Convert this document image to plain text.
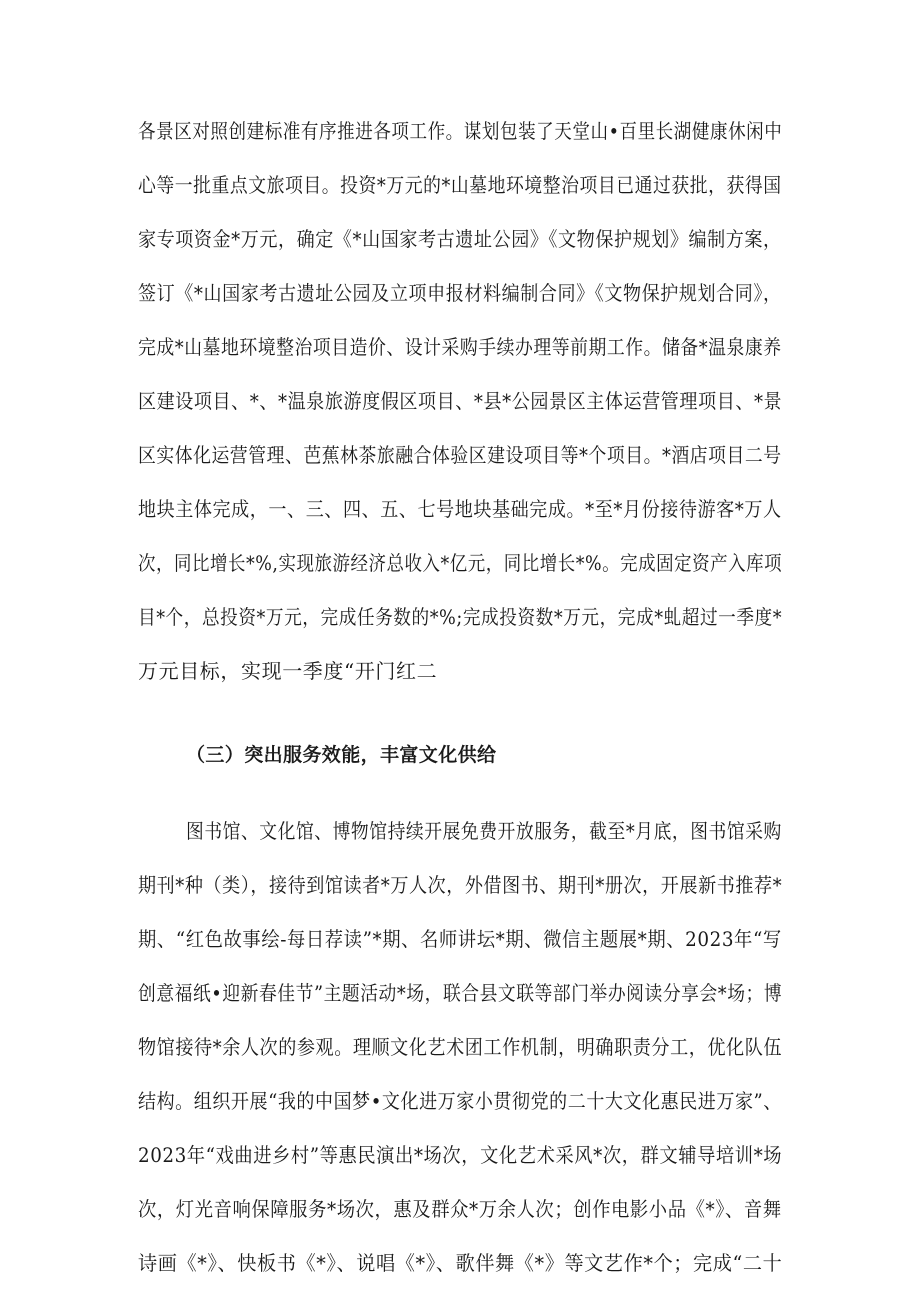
各景区对照创建标准有序推进各项工作。谋划包装了天堂山•百里长湖健康休闲中
心等一批重点文旅项目。投资*万元的*山墓地环境整治项目已通过获批，获得国
家专项资金*万元，确定《*山国家考古遗址公园》《文物保护规划》编制方案，
签订《*山国家考古遗址公园及立项申报材料编制合同》《文物保护规划合同》，
完成*山墓地环境整治项目造价、设计采购手续办理等前期工作。储备*温泉康养
区建设项目、*、*温泉旅游度假区项目、*县*公园景区主体运营管理项目、*景
区实体化运营管理、芭蕉林茶旅融合体验区建设项目等*个项目。*酒店项目二号
地块主体完成，一、三、四、五、七号地块基础完成。*至*月份接待游客*万人
次，同比增长*%,实现旅游经济总收入*亿元，同比增长*%。完成固定资产入库项
目*个，总投资*万元，完成任务数的*%;完成投资数*万元，完成*虬超过一季度*
万元目标，实现一季度“开门红二
（三）突出服务效能，丰富文化供给
图书馆、文化馆、博物馆持续开展免费开放服务，截至*月底，图书馆采购
期刊*种（类），接待到馆读者*万人次，外借图书、期刊*册次，开展新书推荐*
期、“红色故事绘-每日荐读”*期、名师讲坛*期、微信主题展*期、2023年“写
创意福纸•迎新春佳节”主题活动*场，联合县文联等部门举办阅读分享会*场；博
物馆接待*余人次的参观。理顺文化艺术团工作机制，明确职责分工，优化队伍
结构。组织开展“我的中国梦•文化进万家小贯彻党的二十大文化惠民进万家”、
2023年“戏曲进乡村”等惠民演出*场次，文化艺术采风*次，群文辅导培训*场
次，灯光音响保障服务*场次，惠及群众*万余人次；创作电影小品《*》、音舞
诗画《*》、快板书《*》、说唱《*》、歌伴舞《*》等文艺作*个；完成“二十
